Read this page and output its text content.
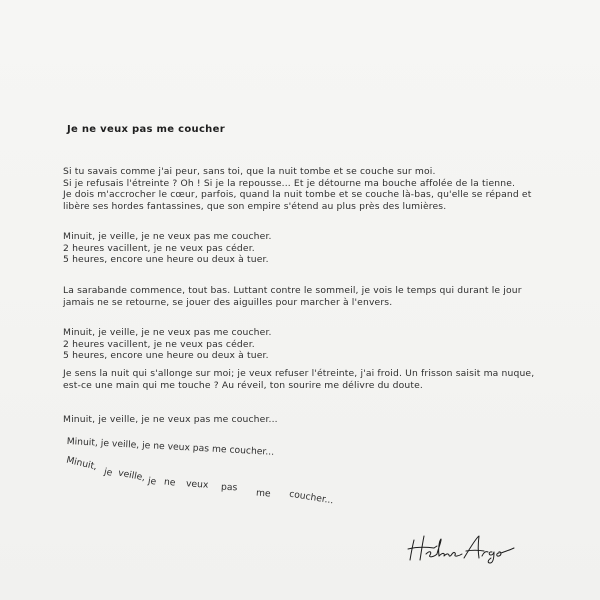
Je ne veux pas me coucher
Si tu savais comme j'ai peur, sans toi, que la nuit tombe et se couche sur moi.
Si je refusais l'étreinte ? Oh ! Si je la repousse... Et je détourne ma bouche affolée de la tienne.
Je dois m'accrocher le cœur, parfois, quand la nuit tombe et se couche là-bas, qu'elle se répand et
libère ses hordes fantassines, que son empire s'étend au plus près des lumières.
Minuit, je veille, je ne veux pas me coucher.
2 heures vacillent, je ne veux pas céder.
5 heures, encore une heure ou deux à tuer.
La sarabande commence, tout bas. Luttant contre le sommeil, je vois le temps qui durant le jour
jamais ne se retourne, se jouer des aiguilles pour marcher à l'envers.
Minuit, je veille, je ne veux pas me coucher.
2 heures vacillent, je ne veux pas céder.
5 heures, encore une heure ou deux à tuer.
Je sens la nuit qui s'allonge sur moi; je veux refuser l'étreinte, j'ai froid. Un frisson saisit ma nuque,
est-ce une main qui me touche ? Au réveil, ton sourire me délivre du doute.
Minuit, je veille, je ne veux pas me coucher...
Minuit, je veille, je ne veux pas me coucher...
Minuit,
je veille, je ne veux pas
me coucher...
